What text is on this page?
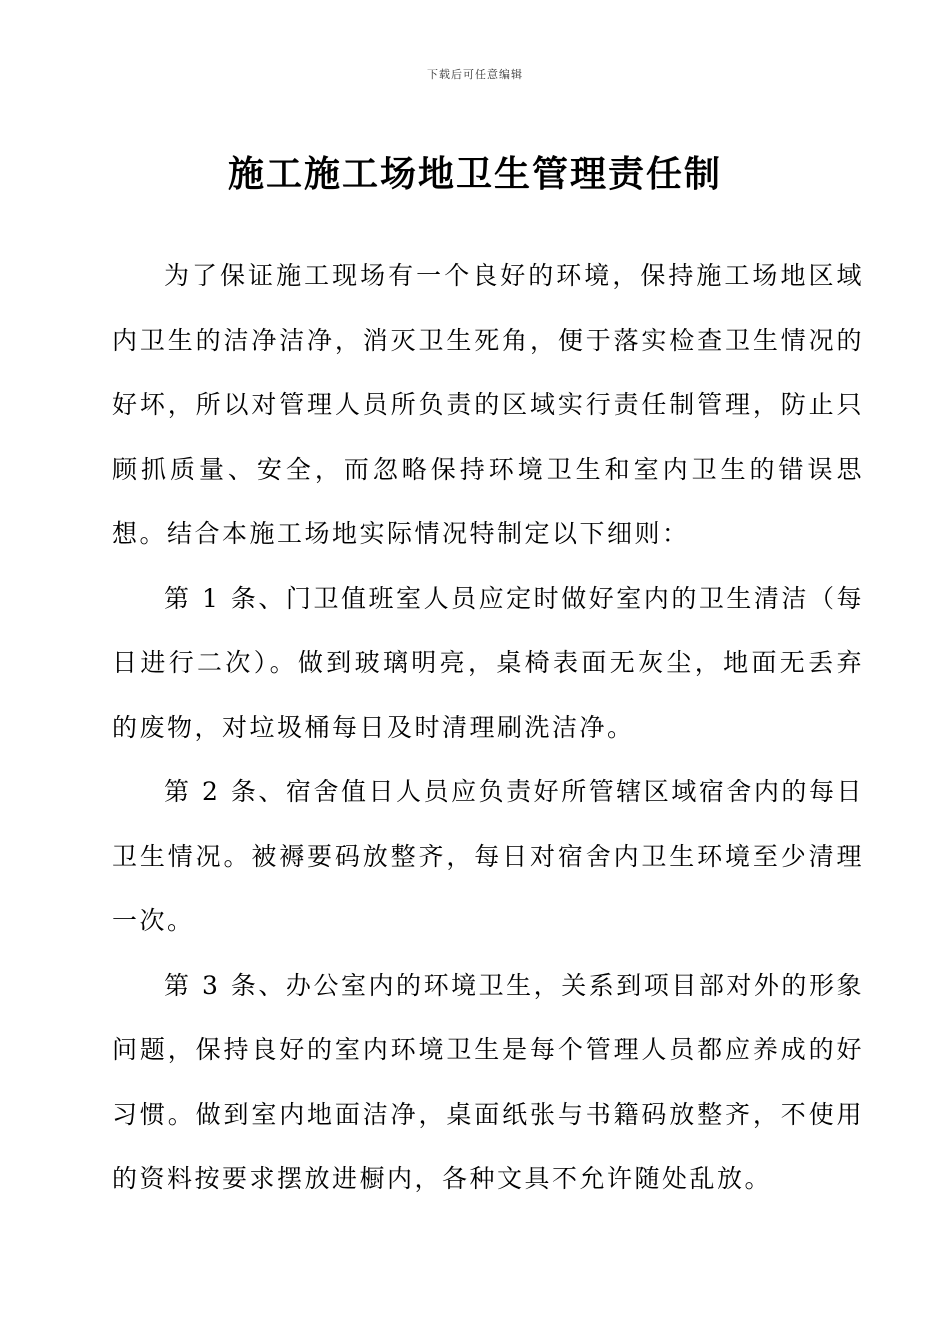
下载后可任意编辑
施工施工场地卫生管理责任制

为了保证施工现场有一个良好的环境，保持施工场地区域内卫生的洁净洁净，消灭卫生死角，便于落实检查卫生情况的好坏，所以对管理人员所负责的区域实行责任制管理，防止只顾抓质量、安全，而忽略保持环境卫生和室内卫生的错误思想。结合本施工场地实际情况特制定以下细则：

第 1 条、门卫值班室人员应定时做好室内的卫生清洁（每日进行二次）。做到玻璃明亮，桌椅表面无灰尘，地面无丢弃的废物，对垃圾桶每日及时清理刷洗洁净。

第 2 条、宿舍值日人员应负责好所管辖区域宿舍内的每日卫生情况。被褥要码放整齐，每日对宿舍内卫生环境至少清理一次。

第 3 条、办公室内的环境卫生，关系到项目部对外的形象问题，保持良好的室内环境卫生是每个管理人员都应养成的好习惯。做到室内地面洁净，桌面纸张与书籍码放整齐，不使用的资料按要求摆放进橱内，各种文具不允许随处乱放。
